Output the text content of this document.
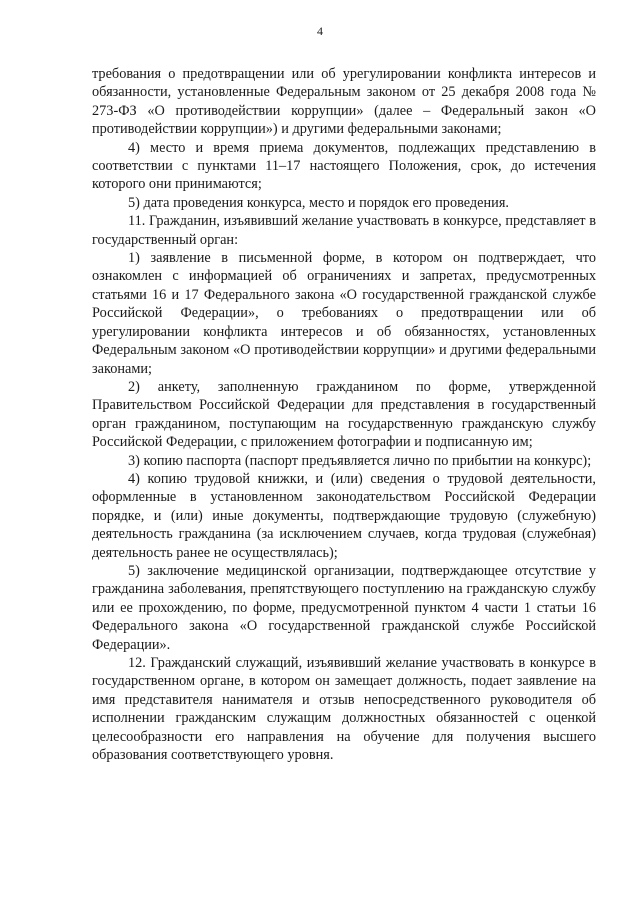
4

требования о предотвращении или об урегулировании конфликта интересов и обязанности, установленные Федеральным законом от 25 декабря 2008 года № 273-ФЗ «О противодействии коррупции» (далее – Федеральный закон «О противодействии коррупции») и другими федеральными законами;

4) место и время приема документов, подлежащих представлению в соответствии с пунктами 11–17 настоящего Положения, срок, до истечения которого они принимаются;

5) дата проведения конкурса, место и порядок его проведения.

11. Гражданин, изъявивший желание участвовать в конкурсе, представляет в государственный орган:

1) заявление в письменной форме, в котором он подтверждает, что ознакомлен с информацией об ограничениях и запретах, предусмотренных статьями 16 и 17 Федерального закона «О государственной гражданской службе Российской Федерации», о требованиях о предотвращении или об урегулировании конфликта интересов и об обязанностях, установленных Федеральным законом «О противодействии коррупции» и другими федеральными законами;

2) анкету, заполненную гражданином по форме, утвержденной Правительством Российской Федерации для представления в государственный орган гражданином, поступающим на государственную гражданскую службу Российской Федерации, с приложением фотографии и подписанную им;

3) копию паспорта (паспорт предъявляется лично по прибытии на конкурс);

4) копию трудовой книжки, и (или) сведения о трудовой деятельности, оформленные в установленном законодательством Российской Федерации порядке, и (или) иные документы, подтверждающие трудовую (служебную) деятельность гражданина (за исключением случаев, когда трудовая (служебная) деятельность ранее не осуществлялась);

5) заключение медицинской организации, подтверждающее отсутствие у гражданина заболевания, препятствующего поступлению на гражданскую службу или ее прохождению, по форме, предусмотренной пунктом 4 части 1 статьи 16 Федерального закона «О государственной гражданской службе Российской Федерации».

12. Гражданский служащий, изъявивший желание участвовать в конкурсе в государственном органе, в котором он замещает должность, подает заявление на имя представителя нанимателя и отзыв непосредственного руководителя об исполнении гражданским служащим должностных обязанностей с оценкой целесообразности его направления на обучение для получения высшего образования соответствующего уровня.
